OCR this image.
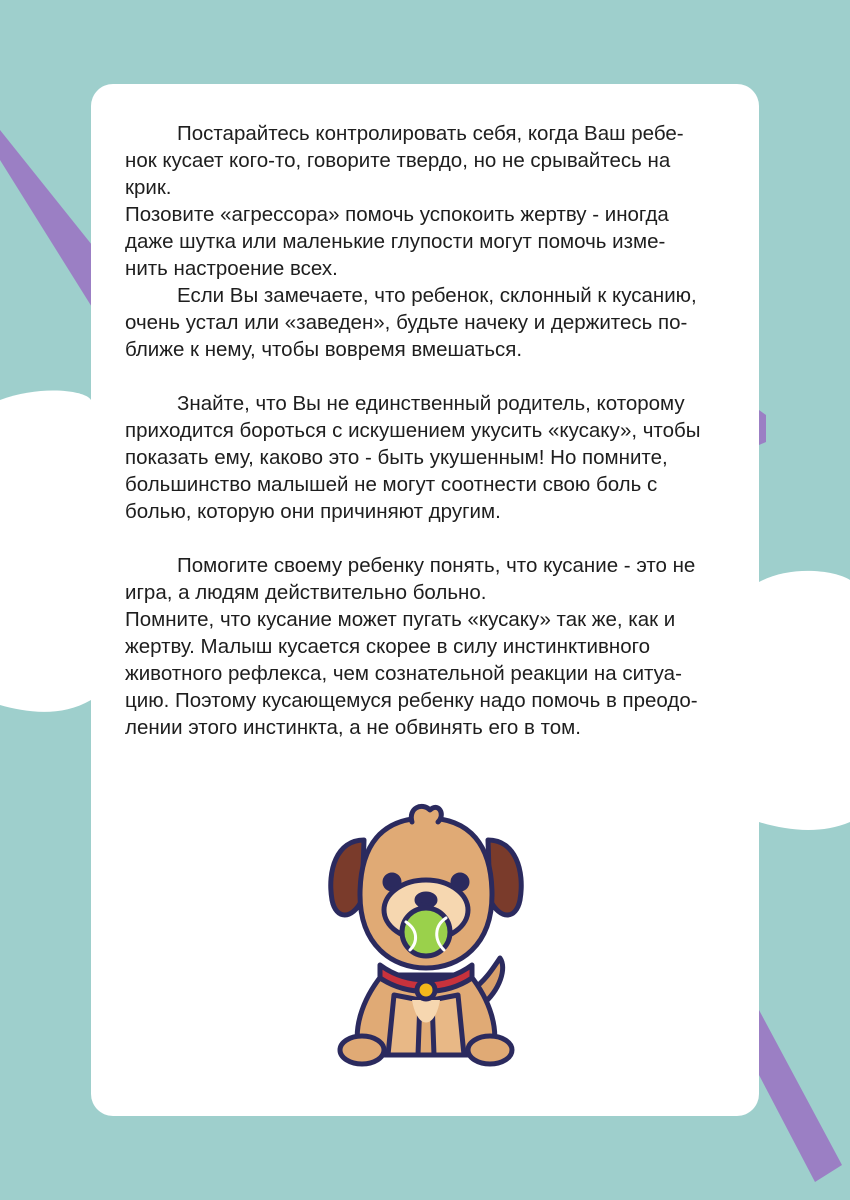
Постарайтесь контролировать себя, когда Ваш ребе-

нок кусает кого-то, говорите твердо, но не срывайтесь на

крик.

Позовите «агрессора» помочь успокоить жертву - иногда

даже шутка или маленькие глупости могут помочь изме-

нить настроение всех.

Если Вы замечаете, что ребенок, склонный к кусанию,

очень устал или «заведен», будьте начеку и держитесь по-

ближе к нему, чтобы вовремя вмешаться.

Знайте, что Вы не единственный родитель, которому

приходится бороться с искушением укусить «кусаку», чтобы

показать ему, каково это - быть укушенным! Но помните,

большинство малышей не могут соотнести свою боль с

болью, которую они причиняют другим.

Помогите своему ребенку понять, что кусание - это не

игра, а людям действительно больно.

Помните, что кусание может пугать «кусаку» так же, как и

жертву. Малыш кусается скорее в силу инстинктивного

животного рефлекса, чем сознательной реакции на ситуа-

цию. Поэтому кусающемуся ребенку надо помочь в преодо-

лении этого инстинкта, а не обвинять его в том.
